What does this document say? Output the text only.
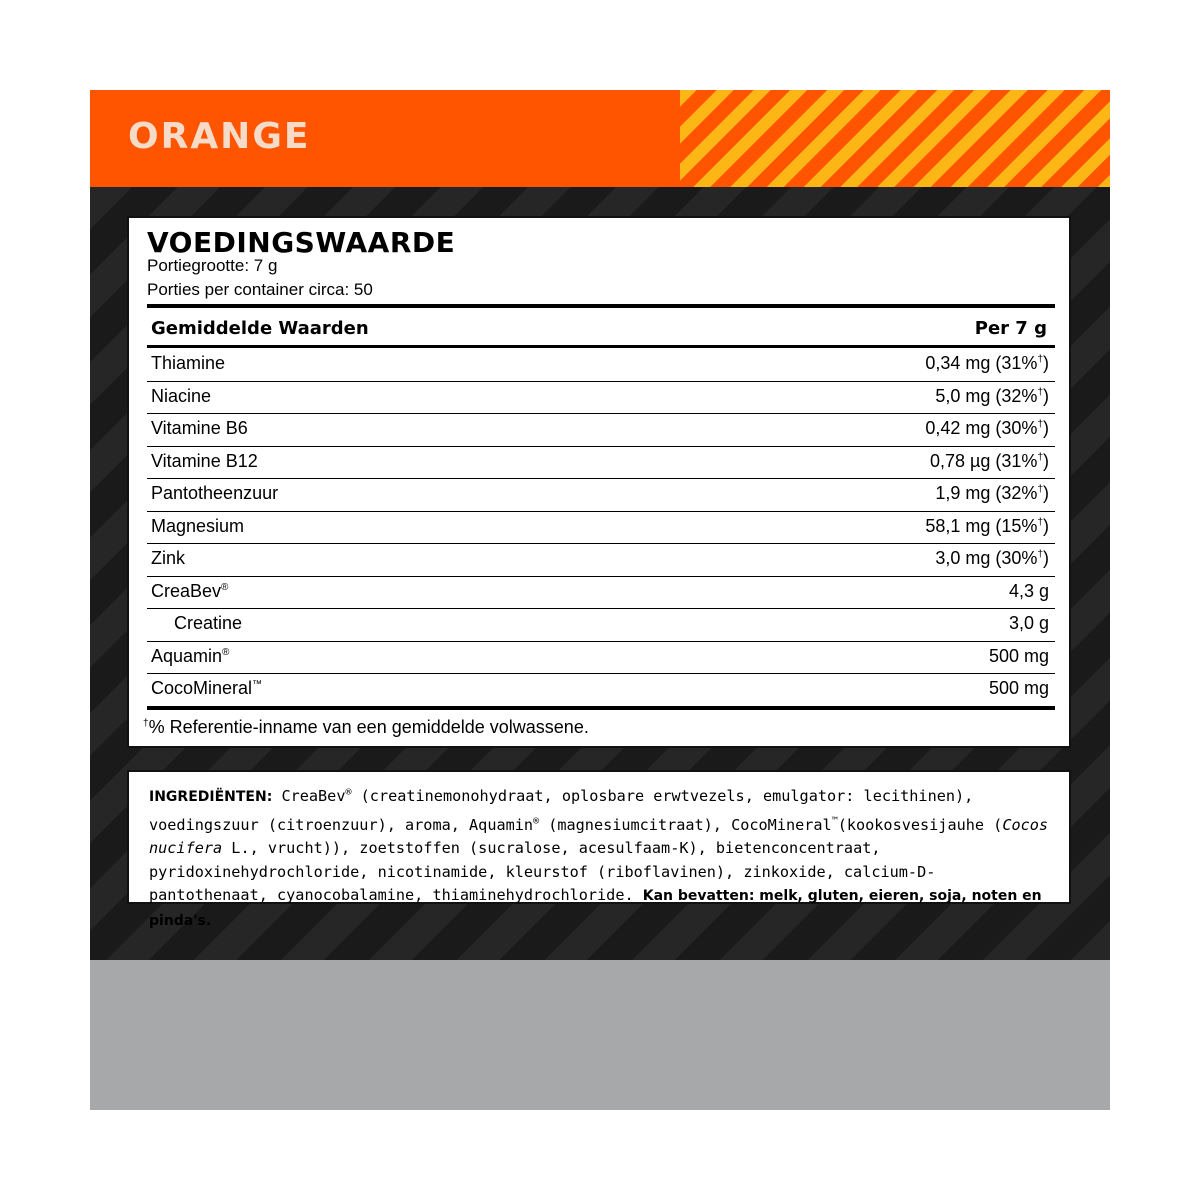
ORANGE
VOEDINGSWAARDE
Portiegrootte: 7 g
Porties per container circa: 50
Gemiddelde Waarden	Per 7 g
Thiamine	0,34 mg (31%†)
Niacine	5,0 mg (32%†)
Vitamine B6	0,42 mg (30%†)
Vitamine B12	0,78 µg (31%†)
Pantotheenzuur	1,9 mg (32%†)
Magnesium	58,1 mg (15%†)
Zink	3,0 mg (30%†)
CreaBev®	4,3 g
Creatine	3,0 g
Aquamin®	500 mg
CocoMineral™	500 mg
†% Referentie-inname van een gemiddelde volwassene.
INGREDIËNTEN: CreaBev® (creatinemonohydraat, oplosbare erwtvezels, emulgator: lecithinen), voedingszuur (citroenzuur), aroma, Aquamin® (magnesiumcitraat), CocoMineral™(kookosvesijauhe (Cocos nucifera L., vrucht)), zoetstoffen (sucralose, acesulfaam-K), bietenconcentraat, pyridoxinehydrochloride, nicotinamide, kleurstof (riboflavinen), zinkoxide, calcium-D-pantothenaat, cyanocobalamine, thiaminehydrochloride. Kan bevatten: melk, gluten, eieren, soja, noten en pinda's.
